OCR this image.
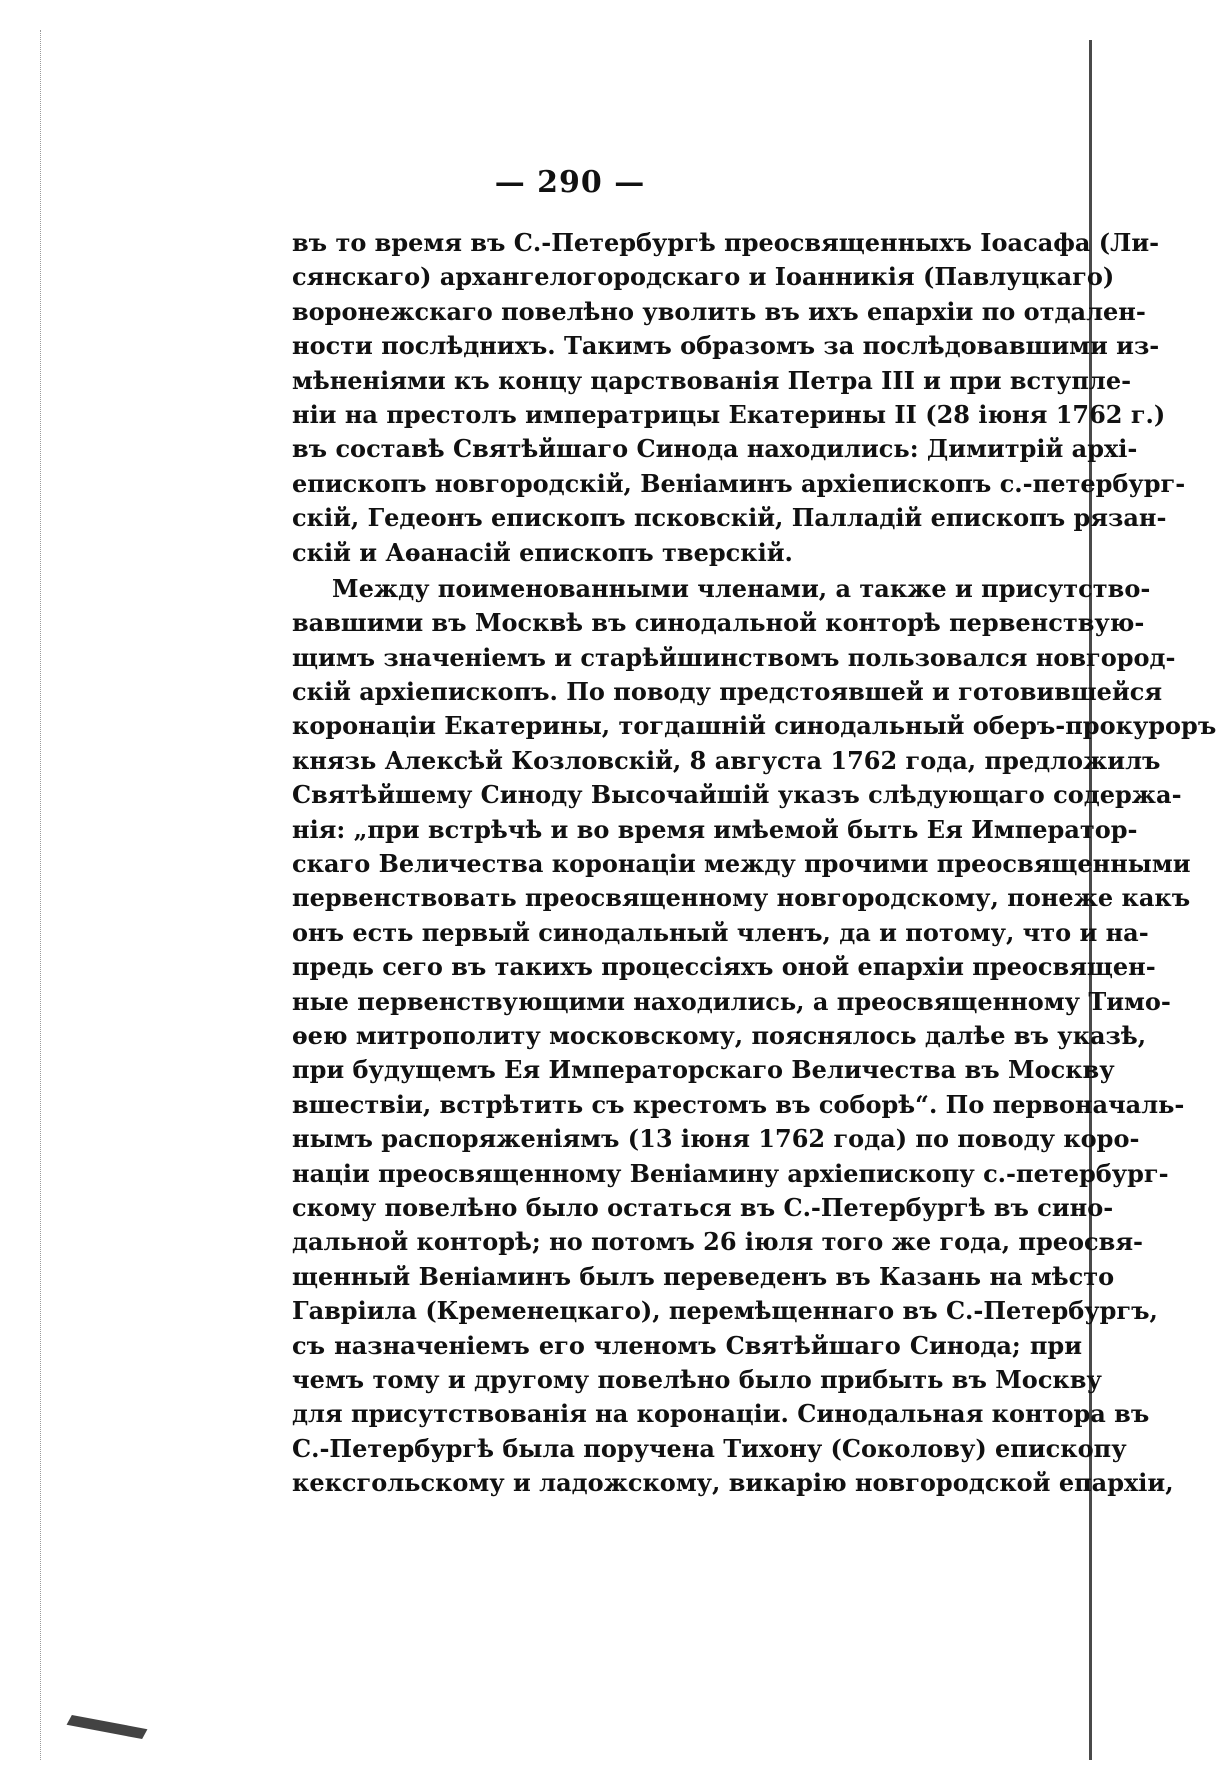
— 290 —
въ то время въ С.-Петербургѣ преосвященныхъ Іоасафа (Ли-
сянскаго) архангелогородскаго и Іоанникія (Павлуцкаго)
воронежскаго повелѣно уволить въ ихъ епархіи по отдален-
ности послѣднихъ. Такимъ образомъ за послѣдовавшими из-
мѣненіями къ концу царствованія Петра III и при вступле-
ніи на престолъ императрицы Екатерины II (28 іюня 1762 г.)
въ составѣ Святѣйшаго Синода находились: Димитрій архі-
епископъ новгородскій, Веніаминъ архіепископъ с.-петербург-
скій, Гедеонъ епископъ псковскій, Палладій епископъ рязан-
скій и Аѳанасій епископъ тверскій.
Между поименованными членами, а также и присутство-
вавшими въ Москвѣ въ синодальной конторѣ первенствую-
щимъ значеніемъ и старѣйшинствомъ пользовался новгород-
скій архіепископъ. По поводу предстоявшей и готовившейся
коронаціи Екатерины, тогдашній синодальный оберъ-прокуроръ
князь Алексѣй Козловскій, 8 августа 1762 года, предложилъ
Святѣйшему Синоду Высочайшій указъ слѣдующаго содержа-
нія: „при встрѣчѣ и во время имѣемой быть Ея Император-
скаго Величества коронаціи между прочими преосвященными
первенствовать преосвященному новгородскому, понеже какъ
онъ есть первый синодальный членъ, да и потому, что и на-
предь сего въ такихъ процессіяхъ оной епархіи преосвящен-
ные первенствующими находились, а преосвященному Тимо-
ѳею митрополиту московскому, пояснялось далѣе въ указѣ,
при будущемъ Ея Императорскаго Величества въ Москву
вшествіи, встрѣтить съ крестомъ въ соборѣ“. По первоначаль-
нымъ распоряженіямъ (13 іюня 1762 года) по поводу коро-
націи преосвященному Веніамину архіепископу с.-петербург-
скому повелѣно было остаться въ С.-Петербургѣ въ сино-
дальной конторѣ; но потомъ 26 іюля того же года, преосвя-
щенный Веніаминъ былъ переведенъ въ Казань на мѣсто
Гавріила (Кременецкаго), перемѣщеннаго въ С.-Петербургъ,
съ назначеніемъ его членомъ Святѣйшаго Синода; при
чемъ тому и другому повелѣно было прибыть въ Москву
для присутствованія на коронаціи. Синодальная контора въ
С.-Петербургѣ была поручена Тихону (Соколову) епископу
кексгольскому и ладожскому, викарію новгородской епархіи,
